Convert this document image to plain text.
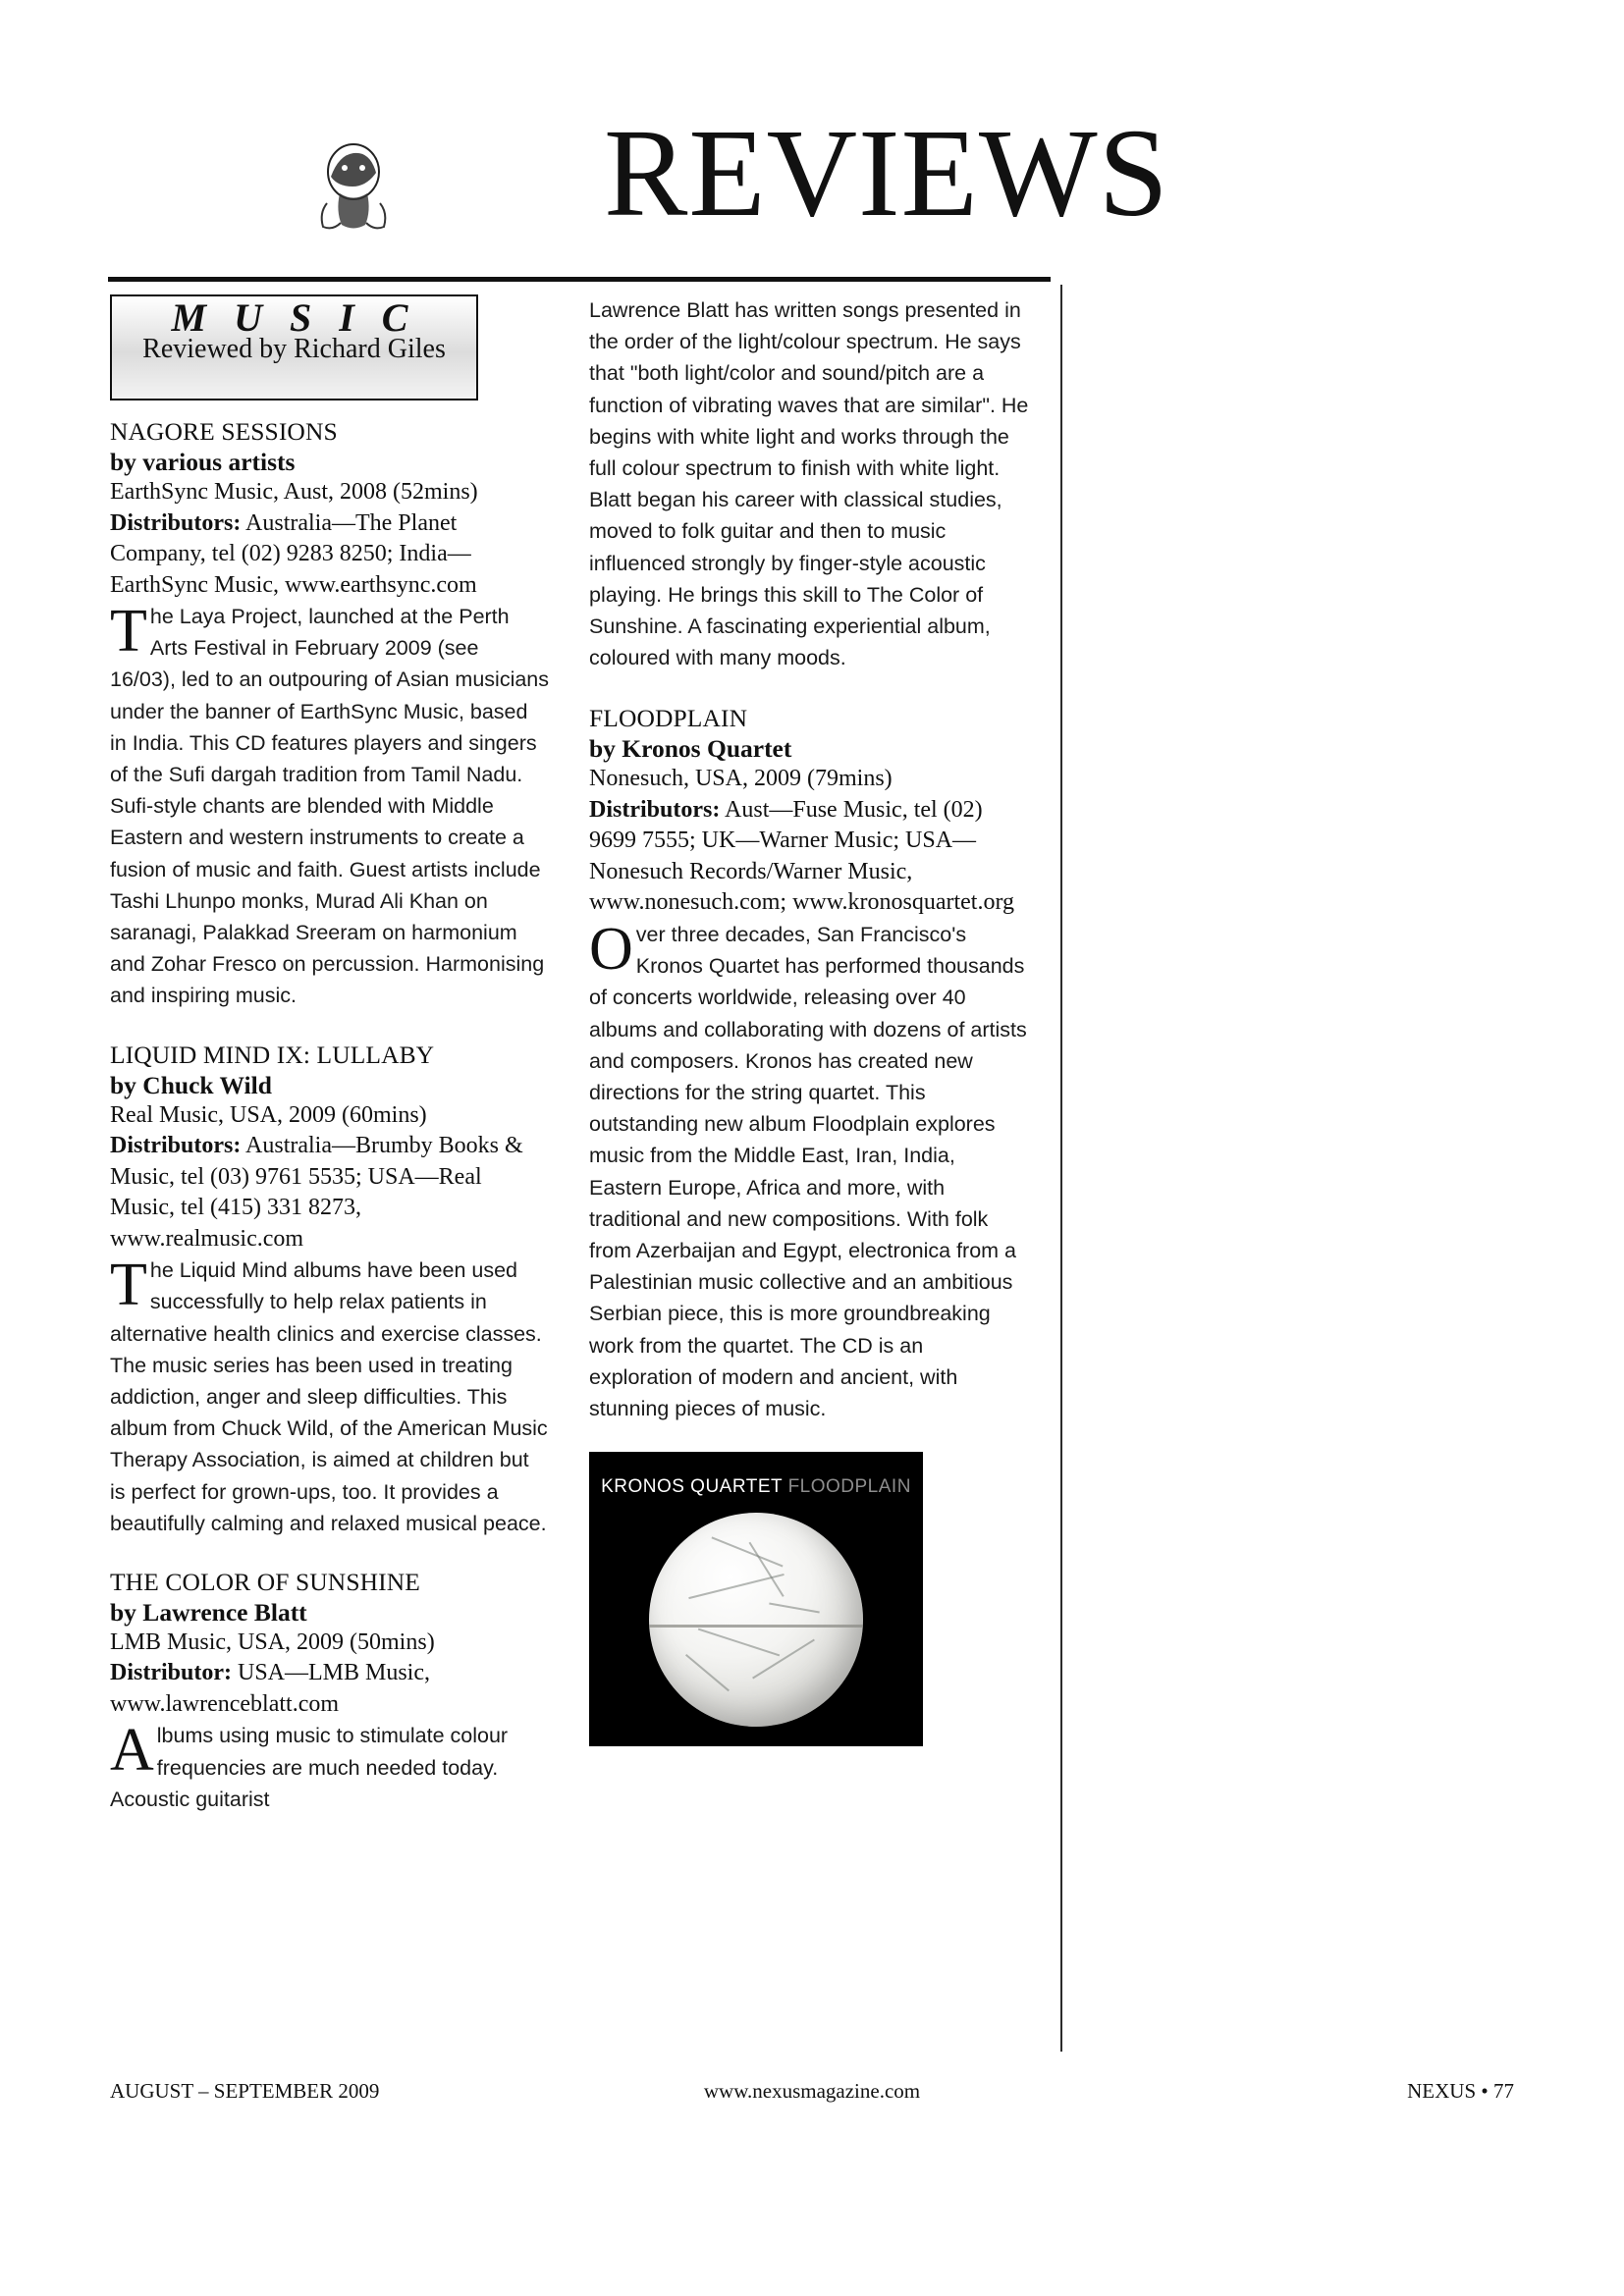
REVIEWS
M U S I C
Reviewed by Richard Giles
NAGORE SESSIONS
by various artists
EarthSync Music, Aust, 2008 (52mins)
Distributors: Australia—The Planet Company, tel (02) 9283 8250; India—EarthSync Music, www.earthsync.com
The Laya Project, launched at the Perth Arts Festival in February 2009 (see 16/03), led to an outpouring of Asian musicians under the banner of EarthSync Music, based in India. This CD features players and singers of the Sufi dargah tradition from Tamil Nadu. Sufi-style chants are blended with Middle Eastern and western instruments to create a fusion of music and faith. Guest artists include Tashi Lhunpo monks, Murad Ali Khan on saranagi, Palakkad Sreeram on harmonium and Zohar Fresco on percussion. Harmonising and inspiring music.
LIQUID MIND IX: LULLABY
by Chuck Wild
Real Music, USA, 2009 (60mins)
Distributors: Australia—Brumby Books & Music, tel (03) 9761 5535; USA—Real Music, tel (415) 331 8273, www.realmusic.com
The Liquid Mind albums have been used successfully to help relax patients in alternative health clinics and exercise classes. The music series has been used in treating addiction, anger and sleep difficulties. This album from Chuck Wild, of the American Music Therapy Association, is aimed at children but is perfect for grown-ups, too. It provides a beautifully calming and relaxed musical peace.
THE COLOR OF SUNSHINE
by Lawrence Blatt
LMB Music, USA, 2009 (50mins)
Distributor: USA—LMB Music, www.lawrenceblatt.com
Albums using music to stimulate colour frequencies are much needed today. Acoustic guitarist
Lawrence Blatt has written songs presented in the order of the light/colour spectrum. He says that "both light/color and sound/pitch are a function of vibrating waves that are similar". He begins with white light and works through the full colour spectrum to finish with white light. Blatt began his career with classical studies, moved to folk guitar and then to music influenced strongly by finger-style acoustic playing. He brings this skill to The Color of Sunshine. A fascinating experiential album, coloured with many moods.
FLOODPLAIN
by Kronos Quartet
Nonesuch, USA, 2009 (79mins)
Distributors: Aust—Fuse Music, tel (02) 9699 7555; UK—Warner Music; USA—Nonesuch Records/Warner Music, www.nonesuch.com; www.kronosquartet.org
Over three decades, San Francisco's Kronos Quartet has performed thousands of concerts worldwide, releasing over 40 albums and collaborating with dozens of artists and composers. Kronos has created new directions for the string quartet. This outstanding new album Floodplain explores music from the Middle East, Iran, India, Eastern Europe, Africa and more, with traditional and new compositions. With folk from Azerbaijan and Egypt, electronica from a Palestinian music collective and an ambitious Serbian piece, this is more groundbreaking work from the quartet. The CD is an exploration of modern and ancient, with stunning pieces of music.
KRONOS QUARTET FLOODPLAIN
AUGUST – SEPTEMBER 2009	www.nexusmagazine.com	NEXUS • 77
